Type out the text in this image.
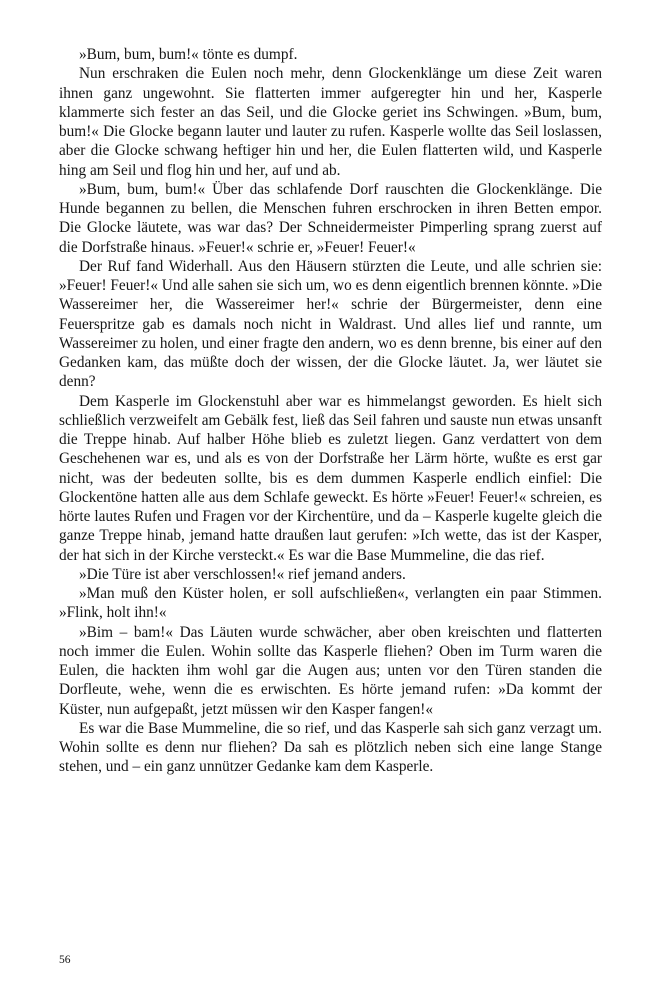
»Bum, bum, bum!« tönte es dumpf.

Nun erschraken die Eulen noch mehr, denn Glockenklänge um diese Zeit waren ihnen ganz ungewohnt. Sie flatterten immer aufgeregter hin und her, Kasperle klammerte sich fester an das Seil, und die Glocke geriet ins Schwingen. »Bum, bum, bum!« Die Glocke begann lauter und lauter zu rufen. Kasperle wollte das Seil loslassen, aber die Glocke schwang heftiger hin und her, die Eulen flatterten wild, und Kasperle hing am Seil und flog hin und her, auf und ab.

»Bum, bum, bum!« Über das schlafende Dorf rauschten die Glockenklänge. Die Hunde begannen zu bellen, die Menschen fuhren erschrocken in ihren Betten empor. Die Glocke läutete, was war das? Der Schneidermeister Pimperling sprang zuerst auf die Dorfstraße hinaus. »Feuer!« schrie er, »Feuer! Feuer!«

Der Ruf fand Widerhall. Aus den Häusern stürzten die Leute, und alle schrien sie: »Feuer! Feuer!« Und alle sahen sie sich um, wo es denn eigentlich brennen könnte. »Die Wassereimer her, die Wassereimer her!« schrie der Bürgermeister, denn eine Feuerspritze gab es damals noch nicht in Waldrast. Und alles lief und rannte, um Wassereimer zu holen, und einer fragte den andern, wo es denn brenne, bis einer auf den Gedanken kam, das müßte doch der wissen, der die Glocke läutet. Ja, wer läutet sie denn?

Dem Kasperle im Glockenstuhl aber war es himmelangst geworden. Es hielt sich schließlich verzweifelt am Gebälk fest, ließ das Seil fahren und sauste nun etwas unsanft die Treppe hinab. Auf halber Höhe blieb es zuletzt liegen. Ganz verdattert von dem Geschehenen war es, und als es von der Dorfstraße her Lärm hörte, wußte es erst gar nicht, was der bedeuten sollte, bis es dem dummen Kasperle endlich einfiel: Die Glockentöne hatten alle aus dem Schlafe geweckt. Es hörte »Feuer! Feuer!« schreien, es hörte lautes Rufen und Fragen vor der Kirchentüre, und da – Kasperle kugelte gleich die ganze Treppe hinab, jemand hatte draußen laut gerufen: »Ich wette, das ist der Kasper, der hat sich in der Kirche versteckt.« Es war die Base Mummeline, die das rief.

»Die Türe ist aber verschlossen!« rief jemand anders.

»Man muß den Küster holen, er soll aufschließen«, verlangten ein paar Stimmen. »Flink, holt ihn!«

»Bim – bam!« Das Läuten wurde schwächer, aber oben kreischten und flatterten noch immer die Eulen. Wohin sollte das Kasperle fliehen? Oben im Turm waren die Eulen, die hackten ihm wohl gar die Augen aus; unten vor den Türen standen die Dorfleute, wehe, wenn die es erwischten. Es hörte jemand rufen: »Da kommt der Küster, nun aufgepaßt, jetzt müssen wir den Kasper fangen!«

Es war die Base Mummeline, die so rief, und das Kasperle sah sich ganz verzagt um. Wohin sollte es denn nur fliehen? Da sah es plötzlich neben sich eine lange Stange stehen, und – ein ganz unnützer Gedanke kam dem Kasperle.

56
